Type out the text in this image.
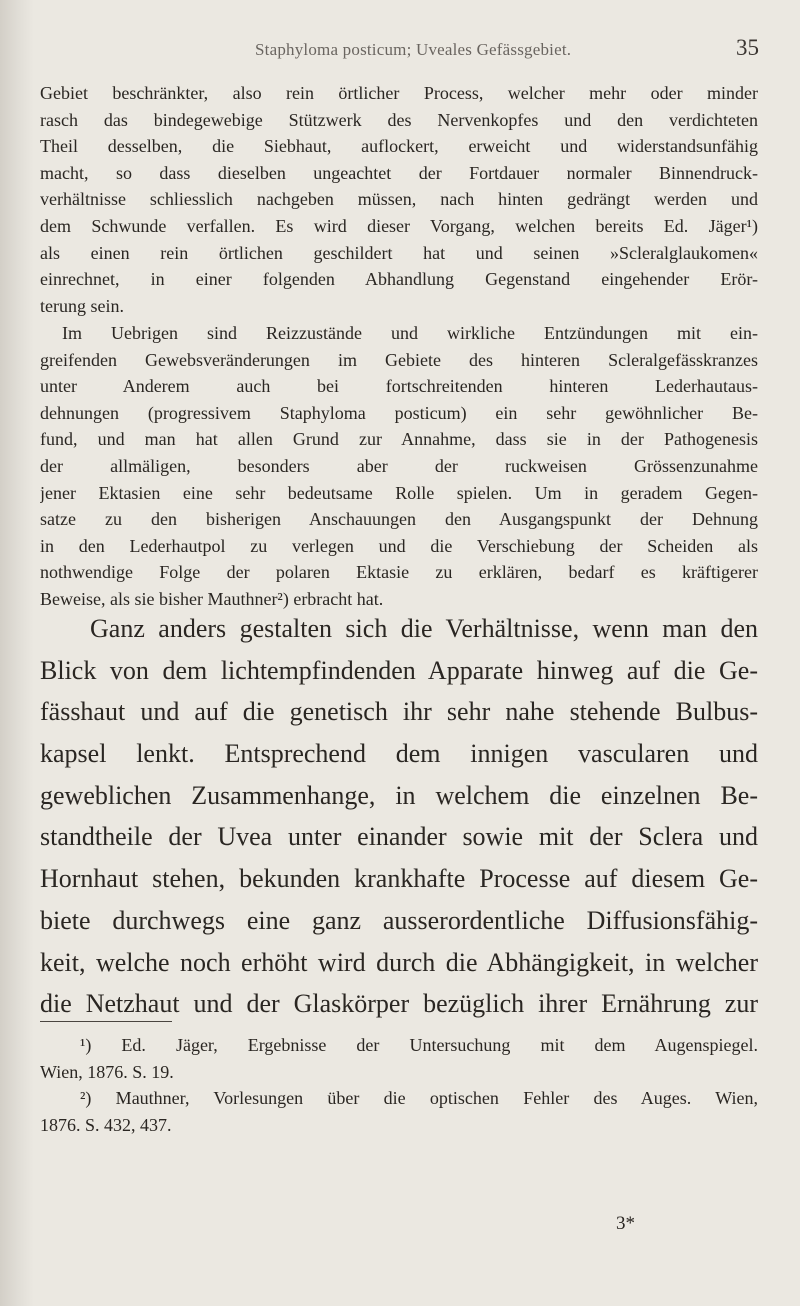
Staphyloma posticum; Uveales Gefässgebiet.	35
Gebiet beschränkter, also rein örtlicher Process, welcher mehr oder minder
rasch das bindegewebige Stützwerk des Nervenkopfes und den verdichteten
Theil desselben, die Siebhaut, auflockert, erweicht und widerstandsunfähig
macht, so dass dieselben ungeachtet der Fortdauer normaler Binnendruck-
verhältnisse schliesslich nachgeben müssen, nach hinten gedrängt werden und
dem Schwunde verfallen. Es wird dieser Vorgang, welchen bereits Ed. Jäger¹)
als einen rein örtlichen geschildert hat und seinen »Scleralglaukomen«
einrechnet, in einer folgenden Abhandlung Gegenstand eingehender Erör-
terung sein.
Im Uebrigen sind Reizzustände und wirkliche Entzündungen mit ein-
greifenden Gewebsveränderungen im Gebiete des hinteren Scleralgefässkranzes
unter Anderem auch bei fortschreitenden hinteren Lederhautaus-
dehnungen (progressivem Staphyloma posticum) ein sehr gewöhnlicher Be-
fund, und man hat allen Grund zur Annahme, dass sie in der Pathogenesis
der allmäligen, besonders aber der ruckweisen Grössenzunahme
jener Ektasien eine sehr bedeutsame Rolle spielen. Um in geradem Gegen-
satze zu den bisherigen Anschauungen den Ausgangspunkt der Dehnung
in den Lederhautpol zu verlegen und die Verschiebung der Scheiden als
nothwendige Folge der polaren Ektasie zu erklären, bedarf es kräftigerer
Beweise, als sie bisher Mauthner²) erbracht hat.
Ganz anders gestalten sich die Verhältnisse, wenn man den
Blick von dem lichtempfindenden Apparate hinweg auf die Ge-
fässhaut und auf die genetisch ihr sehr nahe stehende Bulbus-
kapsel lenkt. Entsprechend dem innigen vascularen und
geweblichen Zusammenhange, in welchem die einzelnen Be-
standtheile der Uvea unter einander sowie mit der Sclera und
Hornhaut stehen, bekunden krankhafte Processe auf diesem Ge-
biete durchwegs eine ganz ausserordentliche Diffusionsfähig-
keit, welche noch erhöht wird durch die Abhängigkeit, in welcher
die Netzhaut und der Glaskörper bezüglich ihrer Ernährung zur
¹) Ed. Jäger, Ergebnisse der Untersuchung mit dem Augenspiegel.
Wien, 1876. S. 19.
²) Mauthner, Vorlesungen über die optischen Fehler des Auges. Wien,
1876. S. 432, 437.
3*
